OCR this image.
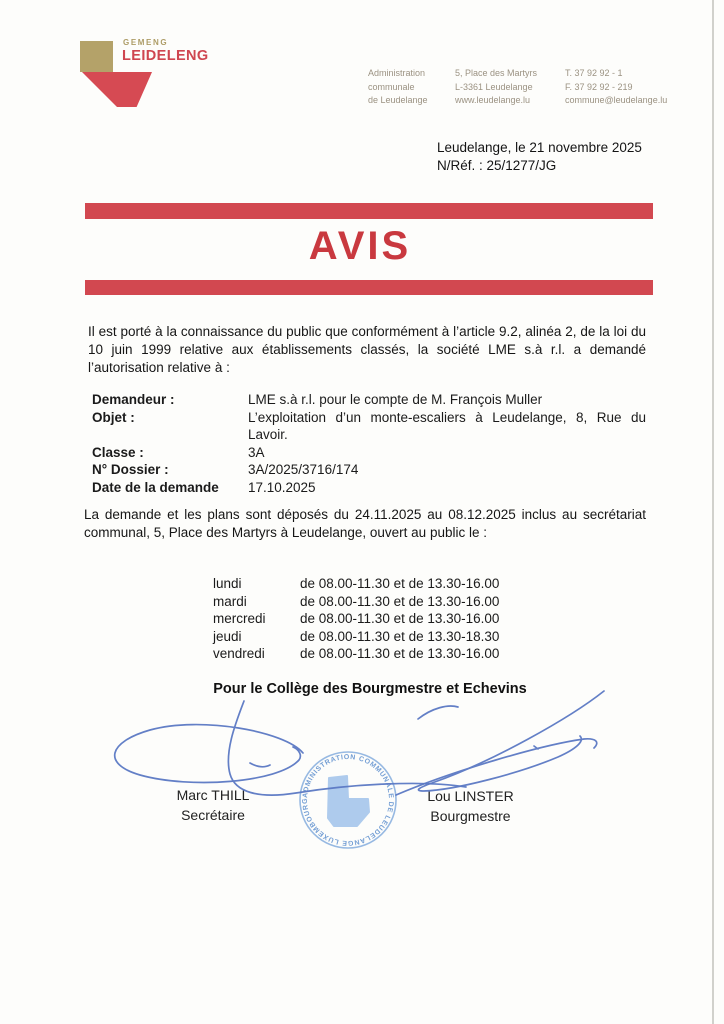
GEMENG
LEIDELENG
Administration
communale
de Leudelange
5, Place des Martyrs
L-3361 Leudelange
www.leudelange.lu
T. 37 92 92 - 1
F. 37 92 92 - 219
commune@leudelange.lu
Leudelange, le 21 novembre 2025
N/Réf. : 25/1277/JG
AVIS
Il est porté à la connaissance du public que conformément à l’article 9.2, alinéa 2, de la loi du
10 juin 1999 relative aux établissements classés, la société LME s.à r.l. a demandé
l’autorisation relative à :
Demandeur :	LME s.à r.l. pour le compte de M. François Muller
Objet :	L’exploitation d’un monte-escaliers à Leudelange, 8, Rue du
Lavoir.
Classe :	3A
N° Dossier :	3A/2025/3716/174
Date de la demande	17.10.2025
La demande et les plans sont déposés du 24.11.2025 au 08.12.2025 inclus au secrétariat
communal, 5, Place des Martyrs à Leudelange, ouvert au public le :
lundi	de 08.00-11.30 et de 13.30-16.00
mardi	de 08.00-11.30 et de 13.30-16.00
mercredi	de 08.00-11.30 et de 13.30-16.00
jeudi	de 08.00-11.30 et de 13.30-18.30
vendredi	de 08.00-11.30 et de 13.30-16.00
Pour le Collège des Bourgmestre et Echevins
Marc THILL
Secrétaire
Lou LINSTER
Bourgmestre
ADMINISTRATION COMMUNALE DE LEUDELANGE LUXEMBOURG
